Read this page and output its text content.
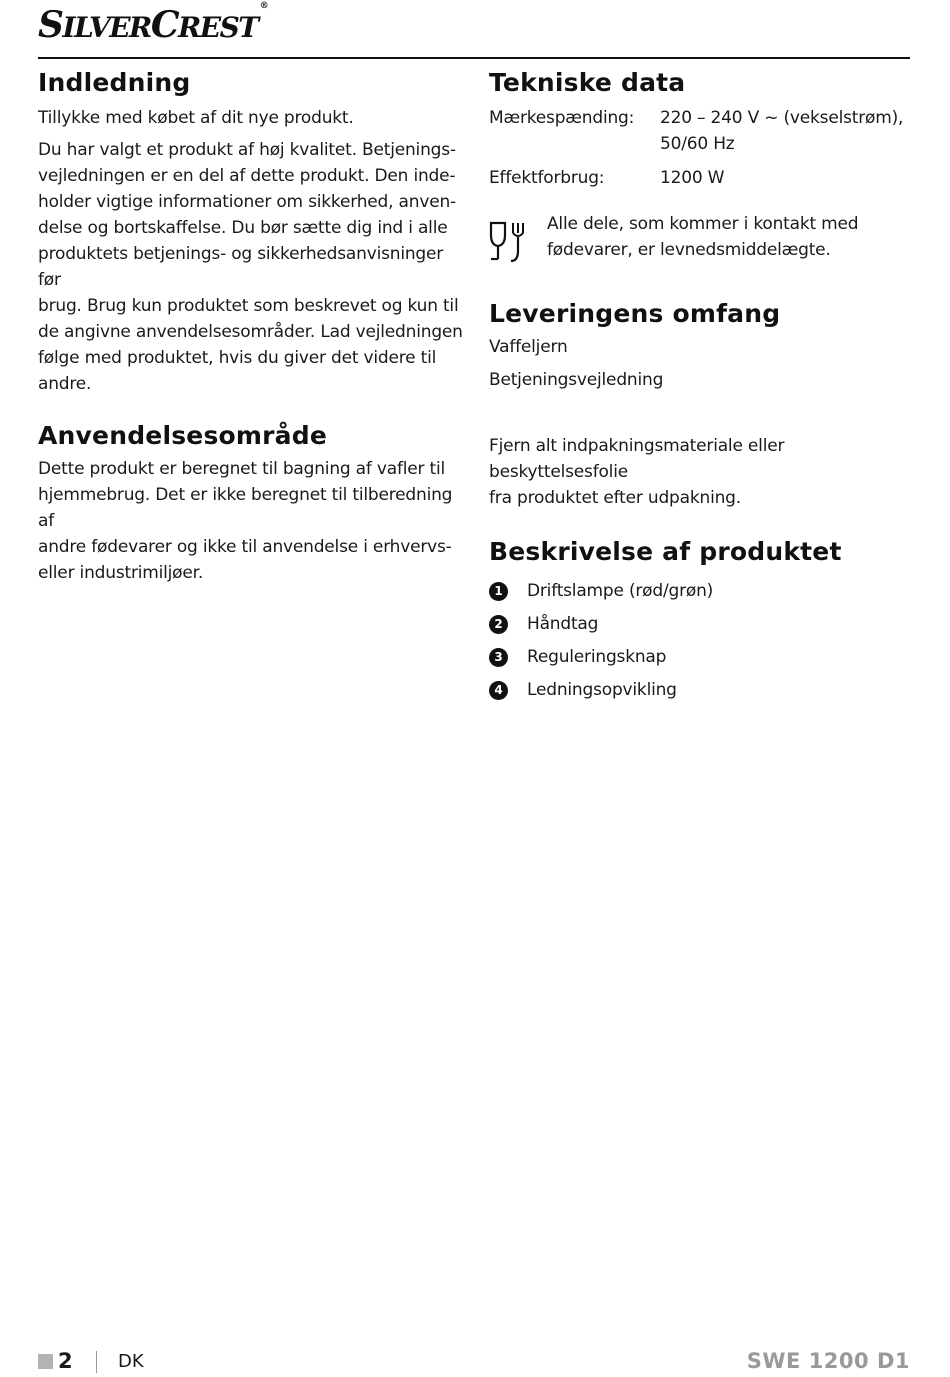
SILVERCREST®
Indledning

Tillykke med købet af dit nye produkt.

Du har valgt et produkt af høj kvalitet. Betjenings-

vejledningen er en del af dette produkt. Den inde-

holder vigtige informationer om sikkerhed, anven-

delse og bortskaffelse. Du bør sætte dig ind i alle

produktets betjenings- og sikkerhedsanvisninger før

brug. Brug kun produktet som beskrevet og kun til

de angivne anvendelsesområder. Lad vejledningen

følge med produktet, hvis du giver det videre til

andre.

Anvendelsesområde

Dette produkt er beregnet til bagning af vafler til

hjemmebrug. Det er ikke beregnet til tilberedning af

andre fødevarer og ikke til anvendelse i erhvervs-

eller industrimiljøer.

Tekniske data
Mærkespænding:	220 – 240 V ~ (vekselstrøm),
50/60 Hz
Effektforbrug:	1200 W

Alle dele, som kommer i kontakt med

fødevarer, er levnedsmiddelægte.

Leveringens omfang

Vaffeljern

Betjeningsvejledning

Fjern alt indpakningsmateriale eller beskyttelsesfolie

fra produktet efter udpakning.

Beskrivelse af produktet
1	Driftslampe (rød/grøn)
2	Håndtag
3	Reguleringsknap
4	Ledningsopvikling
2	DK	SWE 1200 D1
